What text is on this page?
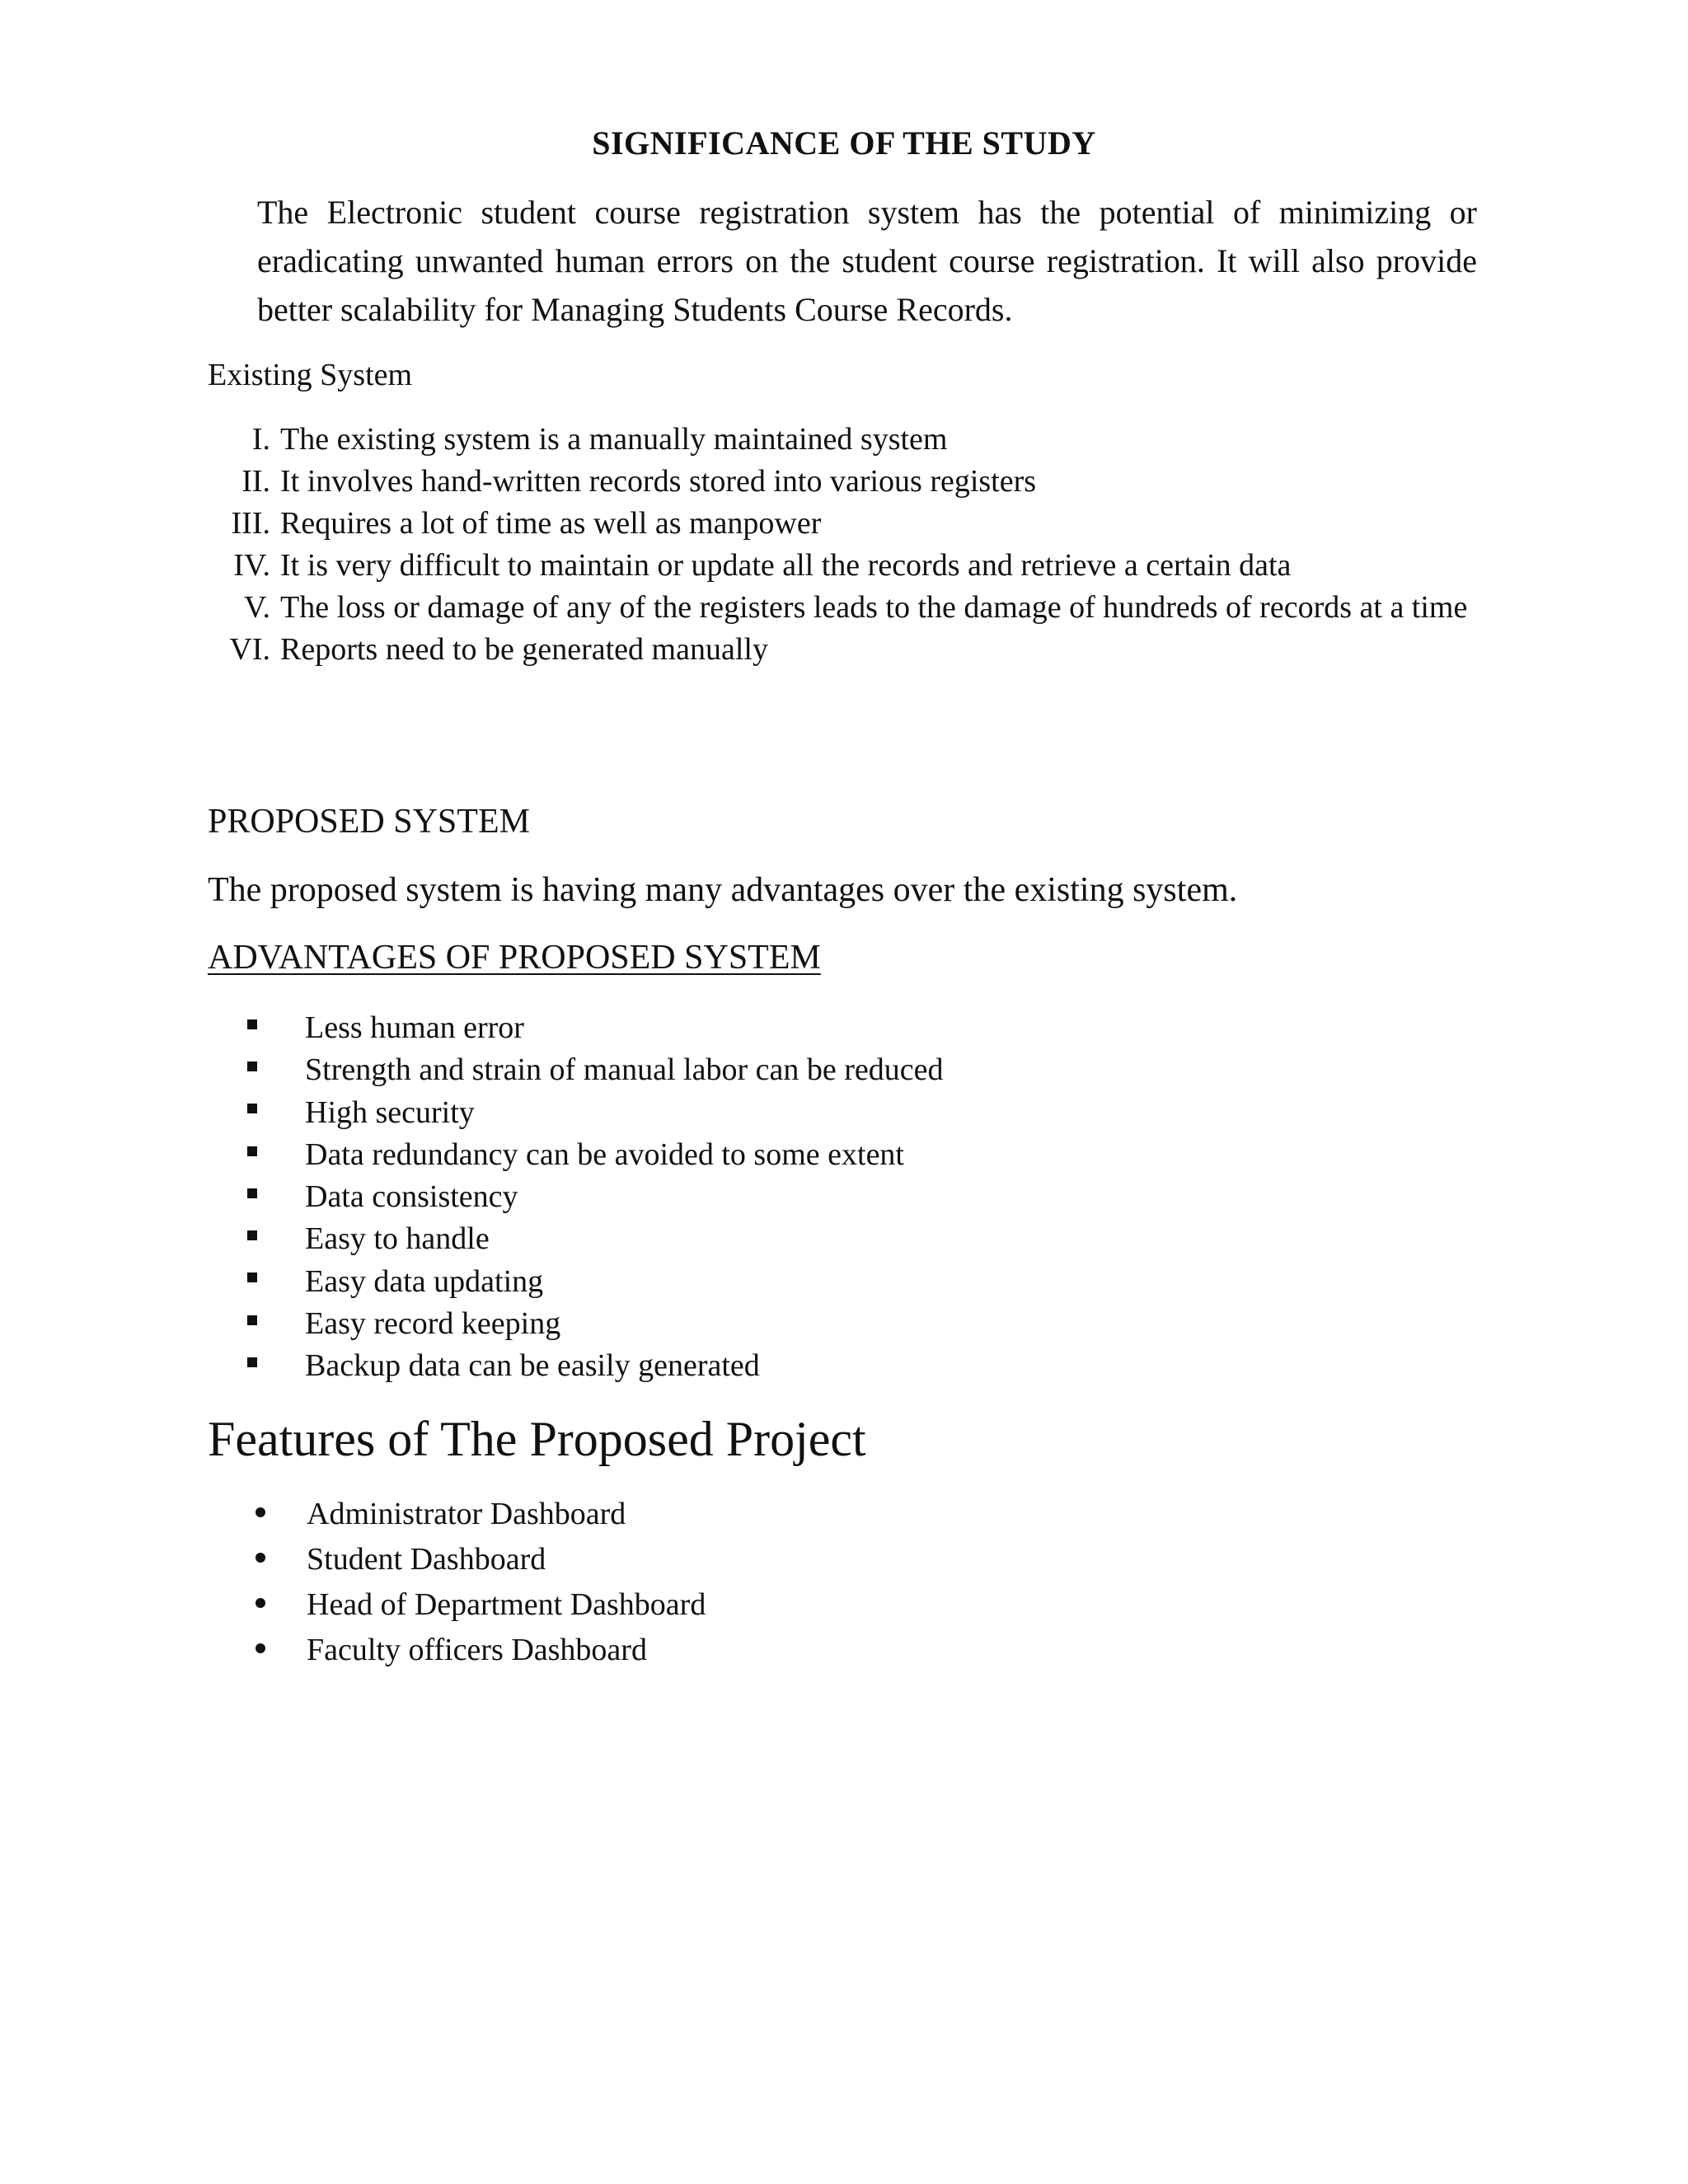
SIGNIFICANCE OF THE STUDY
The Electronic student course registration system has the potential of minimizing or eradicating unwanted human errors on the student course registration. It will also provide better scalability for Managing Students Course Records.
Existing System
I. The existing system is a manually maintained system
II. It involves hand-written records stored into various registers
III. Requires a lot of time as well as manpower
IV. It is very difficult to maintain or update all the records and retrieve a certain data
V. The loss or damage of any of the registers leads to the damage of hundreds of records at a time
VI. Reports need to be generated manually
PROPOSED SYSTEM
The proposed system is having many advantages over the existing system.
ADVANTAGES OF PROPOSED SYSTEM
Less human error
Strength and strain of manual labor can be reduced
High security
Data redundancy can be avoided to some extent
Data consistency
Easy to handle
Easy data updating
Easy record keeping
Backup data can be easily generated
Features of The Proposed Project
Administrator Dashboard
Student Dashboard
Head of Department Dashboard
Faculty officers Dashboard
